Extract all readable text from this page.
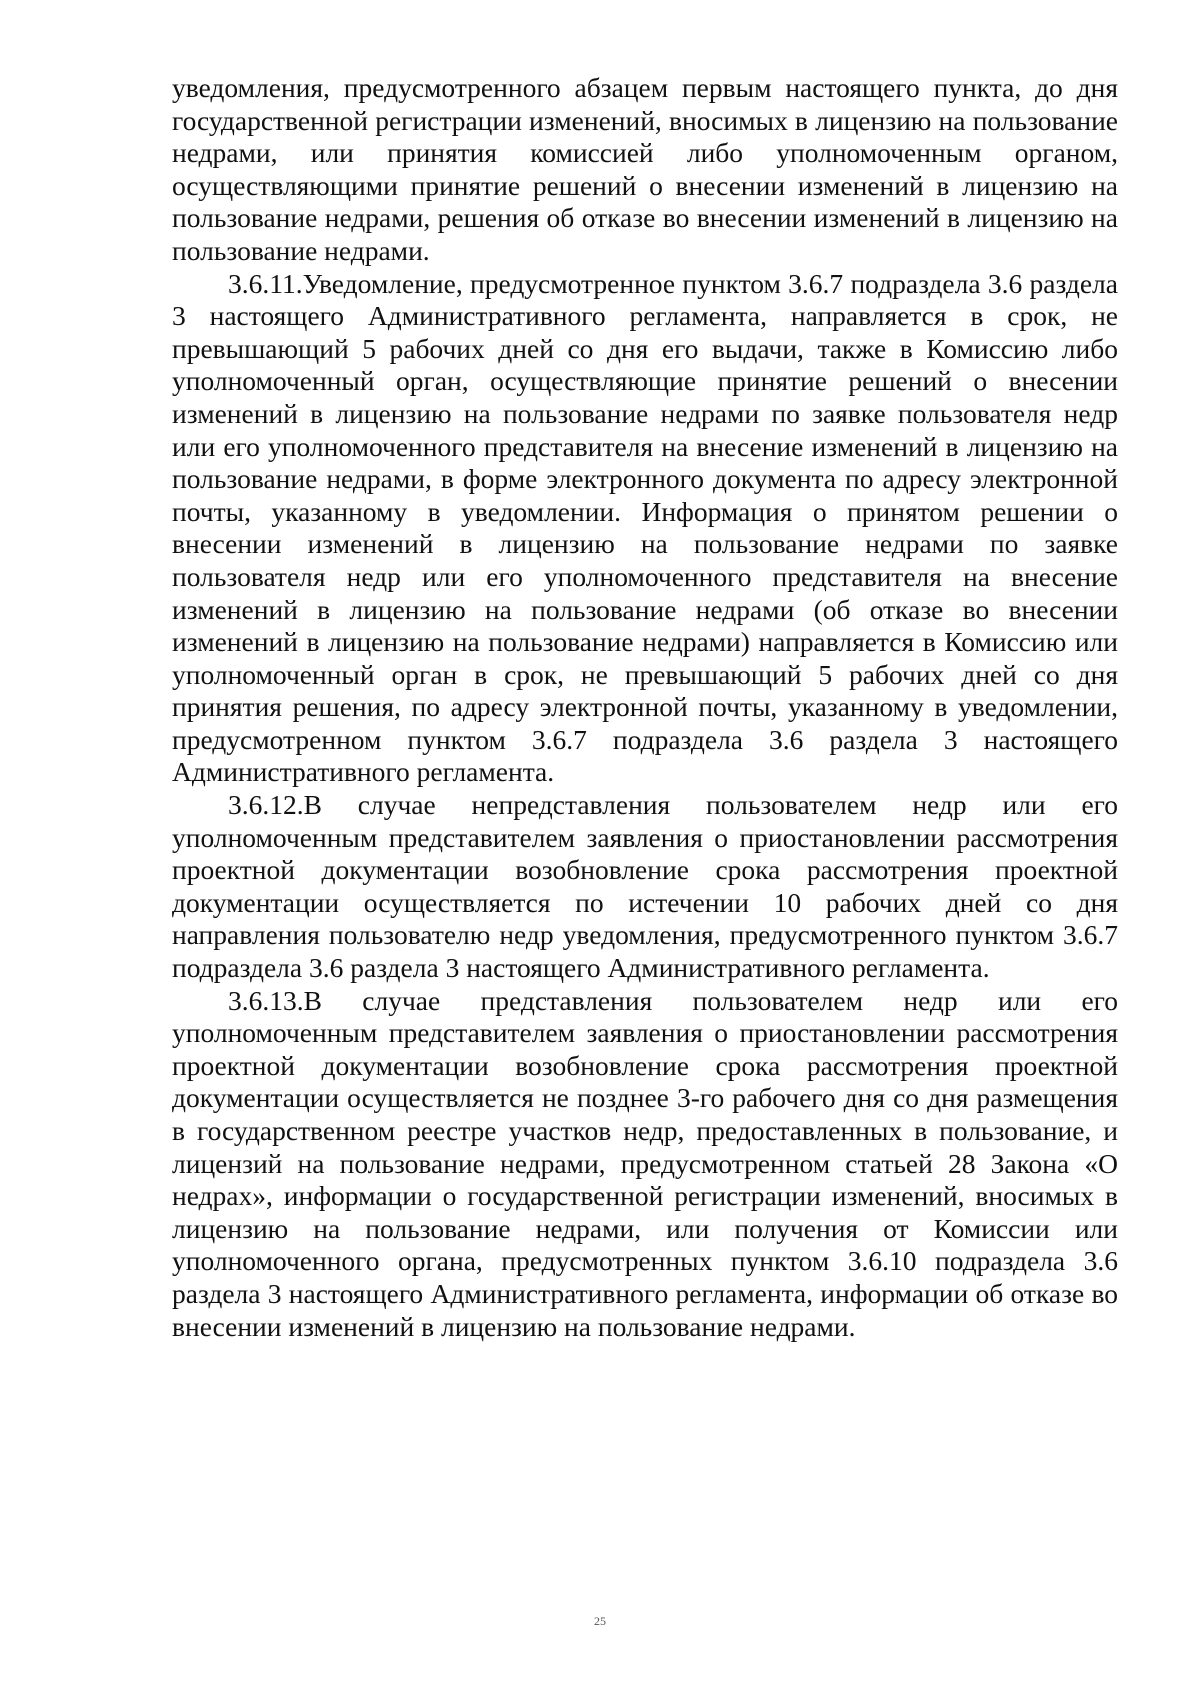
уведомления, предусмотренного абзацем первым настоящего пункта, до дня государственной регистрации изменений, вносимых в лицензию на пользование недрами, или принятия комиссией либо уполномоченным органом, осуществляющими принятие решений о внесении изменений в лицензию на пользование недрами, решения об отказе во внесении изменений в лицензию на пользование недрами.

3.6.11.Уведомление, предусмотренное пунктом 3.6.7 подраздела 3.6 раздела 3 настоящего Административного регламента, направляется в срок, не превышающий 5 рабочих дней со дня его выдачи, также в Комиссию либо уполномоченный орган, осуществляющие принятие решений о внесении изменений в лицензию на пользование недрами по заявке пользователя недр или его уполномоченного представителя на внесение изменений в лицензию на пользование недрами, в форме электронного документа по адресу электронной почты, указанному в уведомлении. Информация о принятом решении о внесении изменений в лицензию на пользование недрами по заявке пользователя недр или его уполномоченного представителя на внесение изменений в лицензию на пользование недрами (об отказе во внесении изменений в лицензию на пользование недрами) направляется в Комиссию или уполномоченный орган в срок, не превышающий 5 рабочих дней со дня принятия решения, по адресу электронной почты, указанному в уведомлении, предусмотренном пунктом 3.6.7 подраздела 3.6 раздела 3 настоящего Административного регламента.

3.6.12.В случае непредставления пользователем недр или его уполномоченным представителем заявления о приостановлении рассмотрения проектной документации возобновление срока рассмотрения проектной документации осуществляется по истечении 10 рабочих дней со дня направления пользователю недр уведомления, предусмотренного пунктом 3.6.7 подраздела 3.6 раздела 3 настоящего Административного регламента.

3.6.13.В случае представления пользователем недр или его уполномоченным представителем заявления о приостановлении рассмотрения проектной документации возобновление срока рассмотрения проектной документации осуществляется не позднее 3-го рабочего дня со дня размещения в государственном реестре участков недр, предоставленных в пользование, и лицензий на пользование недрами, предусмотренном статьей 28 Закона «О недрах», информации о государственной регистрации изменений, вносимых в лицензию на пользование недрами, или получения от Комиссии или уполномоченного органа, предусмотренных пунктом 3.6.10 подраздела 3.6 раздела 3 настоящего Административного регламента, информации об отказе во внесении изменений в лицензию на пользование недрами.

25
